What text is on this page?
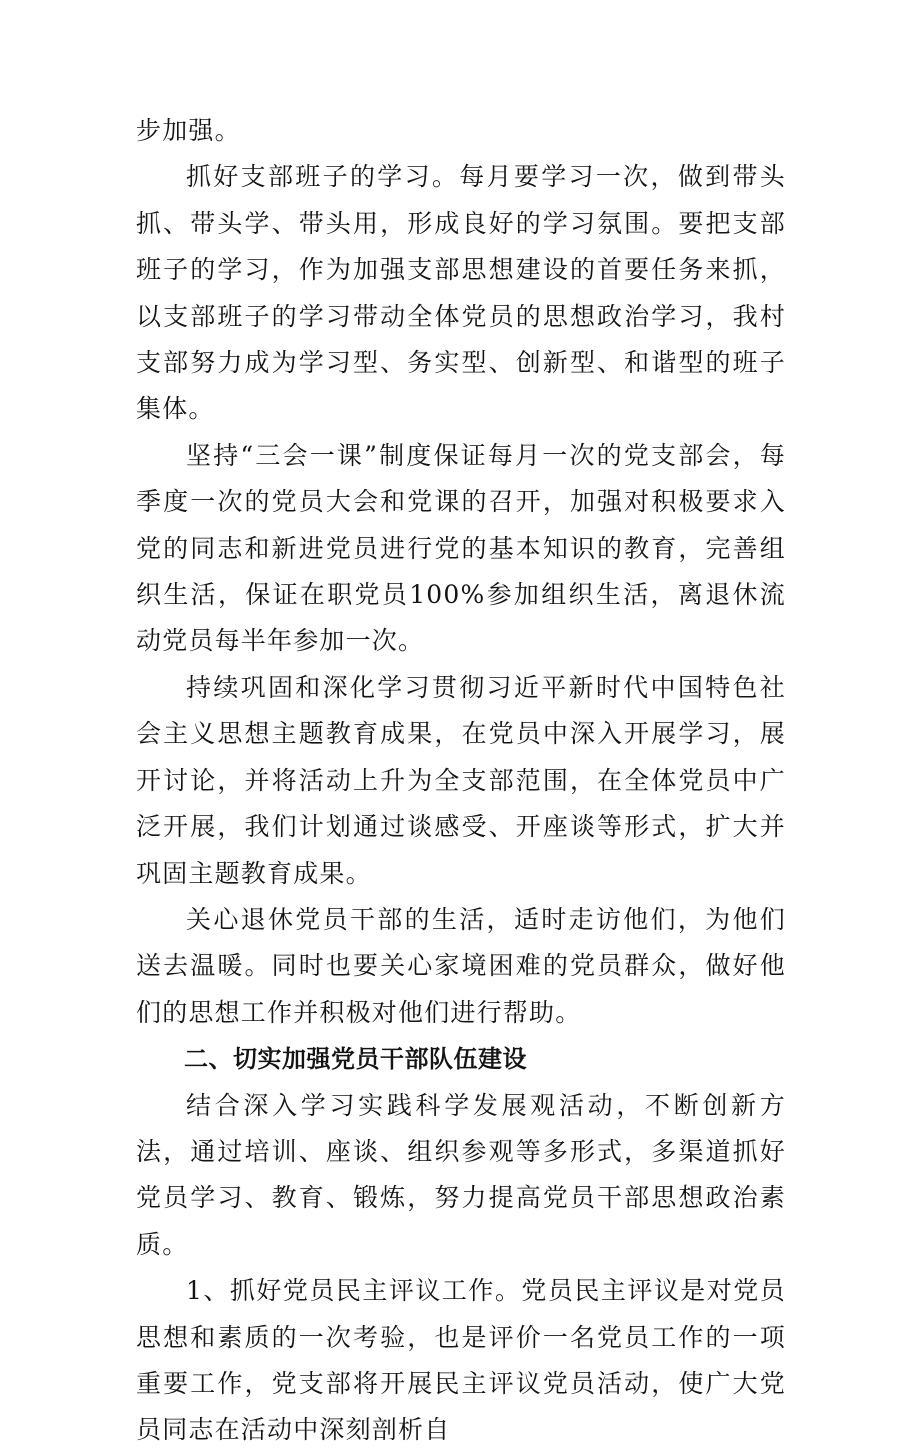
步加强。

抓好支部班子的学习。每月要学习一次，做到带头抓、带头学、带头用，形成良好的学习氛围。要把支部班子的学习，作为加强支部思想建设的首要任务来抓，以支部班子的学习带动全体党员的思想政治学习，我村支部努力成为学习型、务实型、创新型、和谐型的班子集体。

坚持“三会一课”制度保证每月一次的党支部会，每季度一次的党员大会和党课的召开，加强对积极要求入党的同志和新进党员进行党的基本知识的教育，完善组织生活，保证在职党员100%参加组织生活，离退休流动党员每半年参加一次。

持续巩固和深化学习贯彻习近平新时代中国特色社会主义思想主题教育成果，在党员中深入开展学习，展开讨论，并将活动上升为全支部范围，在全体党员中广泛开展，我们计划通过谈感受、开座谈等形式，扩大并巩固主题教育成果。

关心退休党员干部的生活，适时走访他们，为他们送去温暖。同时也要关心家境困难的党员群众，做好他们的思想工作并积极对他们进行帮助。

二、切实加强党员干部队伍建设

结合深入学习实践科学发展观活动，不断创新方法，通过培训、座谈、组织参观等多形式，多渠道抓好党员学习、教育、锻炼，努力提高党员干部思想政治素质。

1、抓好党员民主评议工作。党员民主评议是对党员思想和素质的一次考验，也是评价一名党员工作的一项重要工作，党支部将开展民主评议党员活动，使广大党员同志在活动中深刻剖析自
